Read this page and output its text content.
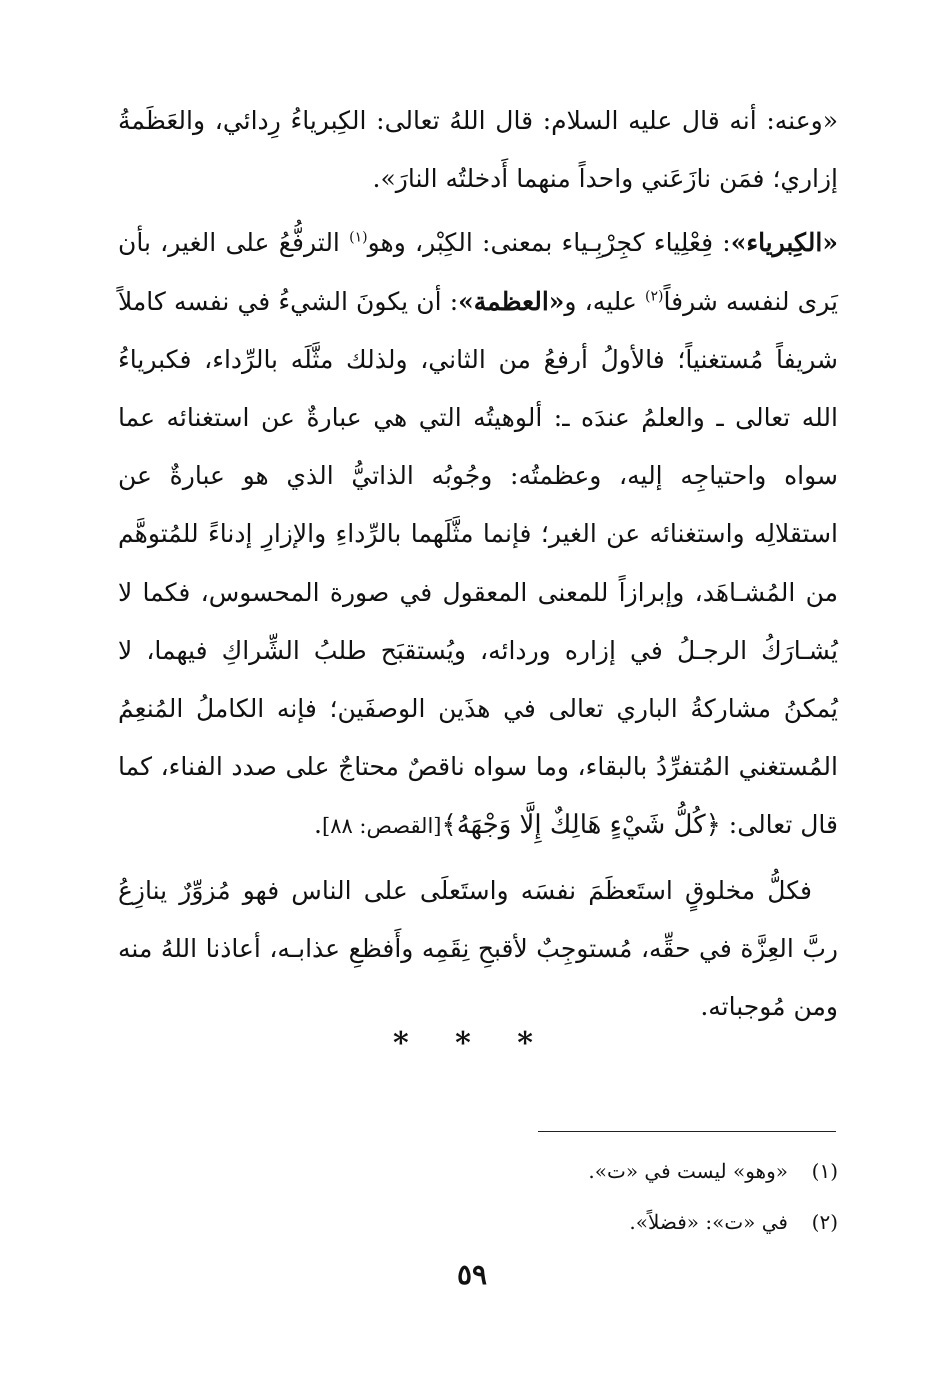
«وعنه: أنه قال عليه السلام: قال اللهُ تعالى: الكِبرياءُ رِدائي، والعَظَمةُ إزاري؛ فمَن نازَعَني واحداً منهما أَدخلتُه النارَ».

«الكِبرياء»: فِعْلِياء كجِرْبِـياء بمعنى: الكِبْر، وهو$^{(١)}$ الترفُّعُ على الغير، بأن يَرى لنفسه شرفاً$^{(٢)}$ عليه، و«العظمة»: أن يكونَ الشيءُ في نفسه كاملاً شريفاً مُستغنياً؛ فالأولُ أرفعُ من الثاني، ولذلك مثَّلَه بالرِّداء، فكبرياءُ الله تعالى ـ والعلمُ عندَه ـ: ألوهيتُه التي هي عبارةٌ عن استغنائه عما سواه واحتياجِه إليه، وعظمتُه: وجُوبُه الذاتيُّ الذي هو عبارةٌ عن استقلالِه واستغنائه عن الغير؛ فإنما مثَّلَهما بالرِّداءِ والإزارِ إدناءً للمُتوهَّم من المُشـاهَد، وإبرازاً للمعنى المعقول في صورة المحسوس، فكما لا يُشـارَكُ الرجـلُ في إزاره وردائه، ويُستقبَح طلبُ الشِّراكِ فيهما، لا يُمكنُ مشاركةُ الباري تعالى في هذَين الوصفَين؛ فإنه الكاملُ المُنعِمُ المُستغني المُتفرِّدُ بالبقاء، وما سواه ناقصٌ محتاجٌ على صدد الفناء، كما قال تعالى: ﴿كُلُّ شَيْءٍ هَالِكٌ إِلَّا وَجْهَهُ﴾[القصص: ٨٨].

فكلُّ مخلوقٍ استَعظَمَ نفسَه واستَعلَى على الناس فهو مُزوِّرٌ ينازِعُ ربَّ العِزَّة في حقِّه، مُستوجِبٌ لأقبحِ نِقَمِه وأَفظعِ عذابـه، أعاذنا اللهُ منه ومن مُوجباته.

* * *
(١)«وهو» ليست في «ت».
(٢)في «ت»: «فضلاً».
٥٩
